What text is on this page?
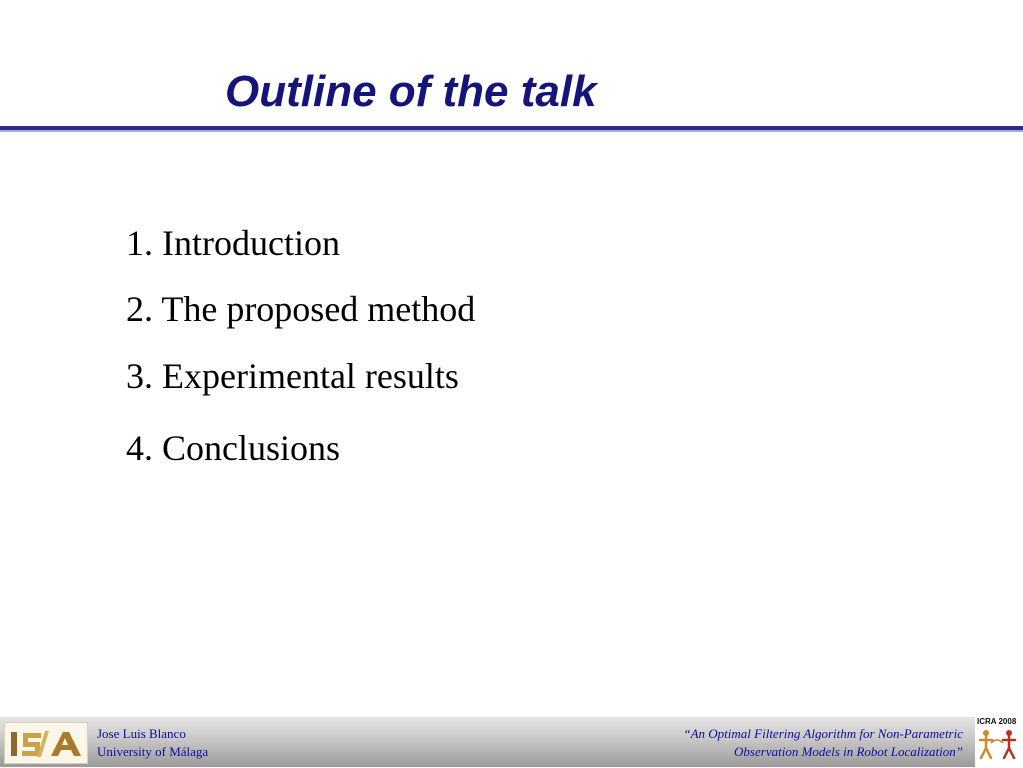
Outline of the talk
1. Introduction
2. The proposed method
3. Experimental results
4. Conclusions
Jose Luis Blanco
University of Málaga
“An Optimal Filtering Algorithm for Non-Parametric
Observation Models in Robot Localization”
ICRA 2008
